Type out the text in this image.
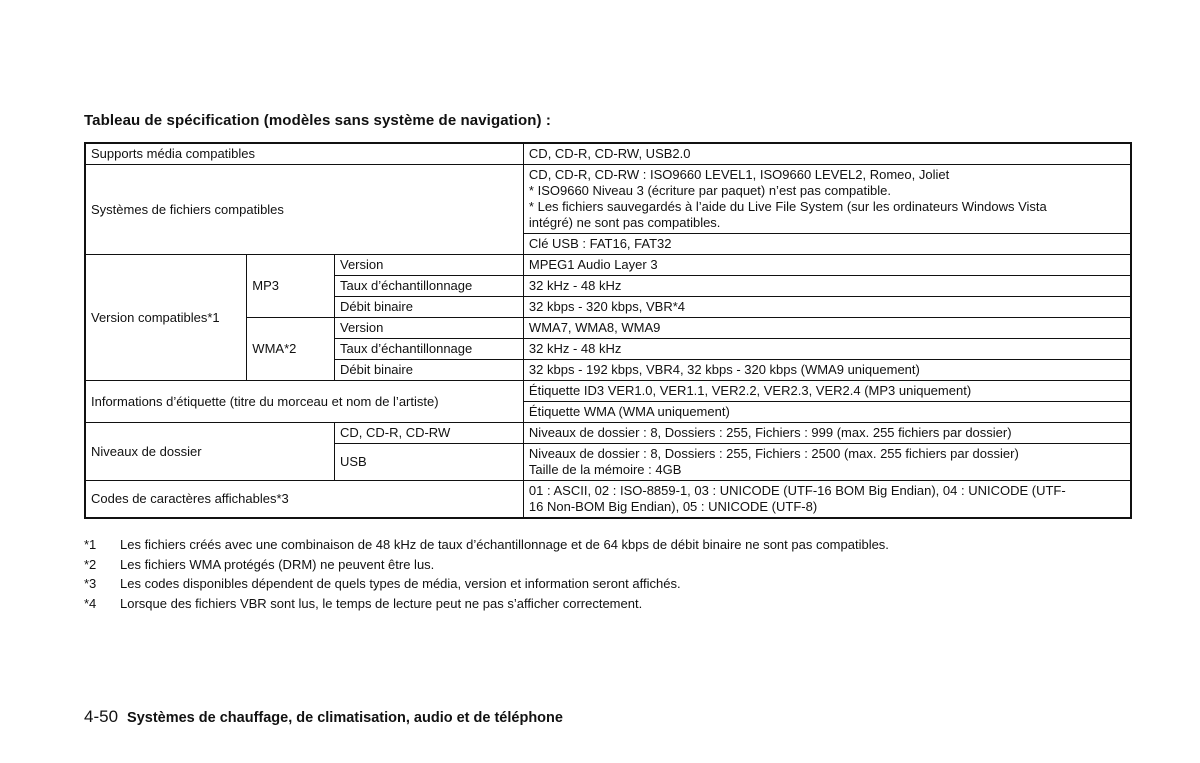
Tableau de spécification (modèles sans système de navigation) :
Supports média compatibles			CD, CD-R, CD-RW, USB2.0
Systèmes de fichiers compatibles			CD, CD-R, CD-RW : ISO9660 LEVEL1, ISO9660 LEVEL2, Romeo, Joliet
* ISO9660 Niveau 3 (écriture par paquet) n’est pas compatible.
* Les fichiers sauvegardés à l’aide du Live File System (sur les ordinateurs Windows Vista
intégré) ne sont pas compatibles.

			Clé USB : FAT16, FAT32
Version compatibles*1	MP3	Version	MPEG1 Audio Layer 3
		Taux d’échantillonnage	32 kHz - 48 kHz
		Débit binaire	32 kbps - 320 kbps, VBR*4
	WMA*2	Version	WMA7, WMA8, WMA9
		Taux d’échantillonnage	32 kHz - 48 kHz
		Débit binaire	32 kbps - 192 kbps, VBR4, 32 kbps - 320 kbps (WMA9 uniquement)
Informations d’étiquette (titre du morceau et nom de l’artiste)			Étiquette ID3 VER1.0, VER1.1, VER2.2, VER2.3, VER2.4 (MP3 uniquement)
			Étiquette WMA (WMA uniquement)
Niveaux de dossier		CD, CD-R, CD-RW	Niveaux de dossier : 8, Dossiers : 255, Fichiers : 999 (max. 255 fichiers par dossier)
		USB	Niveaux de dossier : 8, Dossiers : 255, Fichiers : 2500 (max. 255 fichiers par dossier)
Taille de la mémoire : 4GB

Codes de caractères affichables*3			01 : ASCII, 02 : ISO-8859-1, 03 : UNICODE (UTF-16 BOM Big Endian), 04 : UNICODE (UTF-
16 Non-BOM Big Endian), 05 : UNICODE (UTF-8)
*1	Les fichiers créés avec une combinaison de 48 kHz de taux d’échantillonnage et de 64 kbps de débit binaire ne sont pas compatibles.
*2	Les fichiers WMA protégés (DRM) ne peuvent être lus.
*3	Les codes disponibles dépendent de quels types de média, version et information seront affichés.
*4	Lorsque des fichiers VBR sont lus, le temps de lecture peut ne pas s’afficher correctement.
4-50 Systèmes de chauffage, de climatisation, audio et de téléphone
